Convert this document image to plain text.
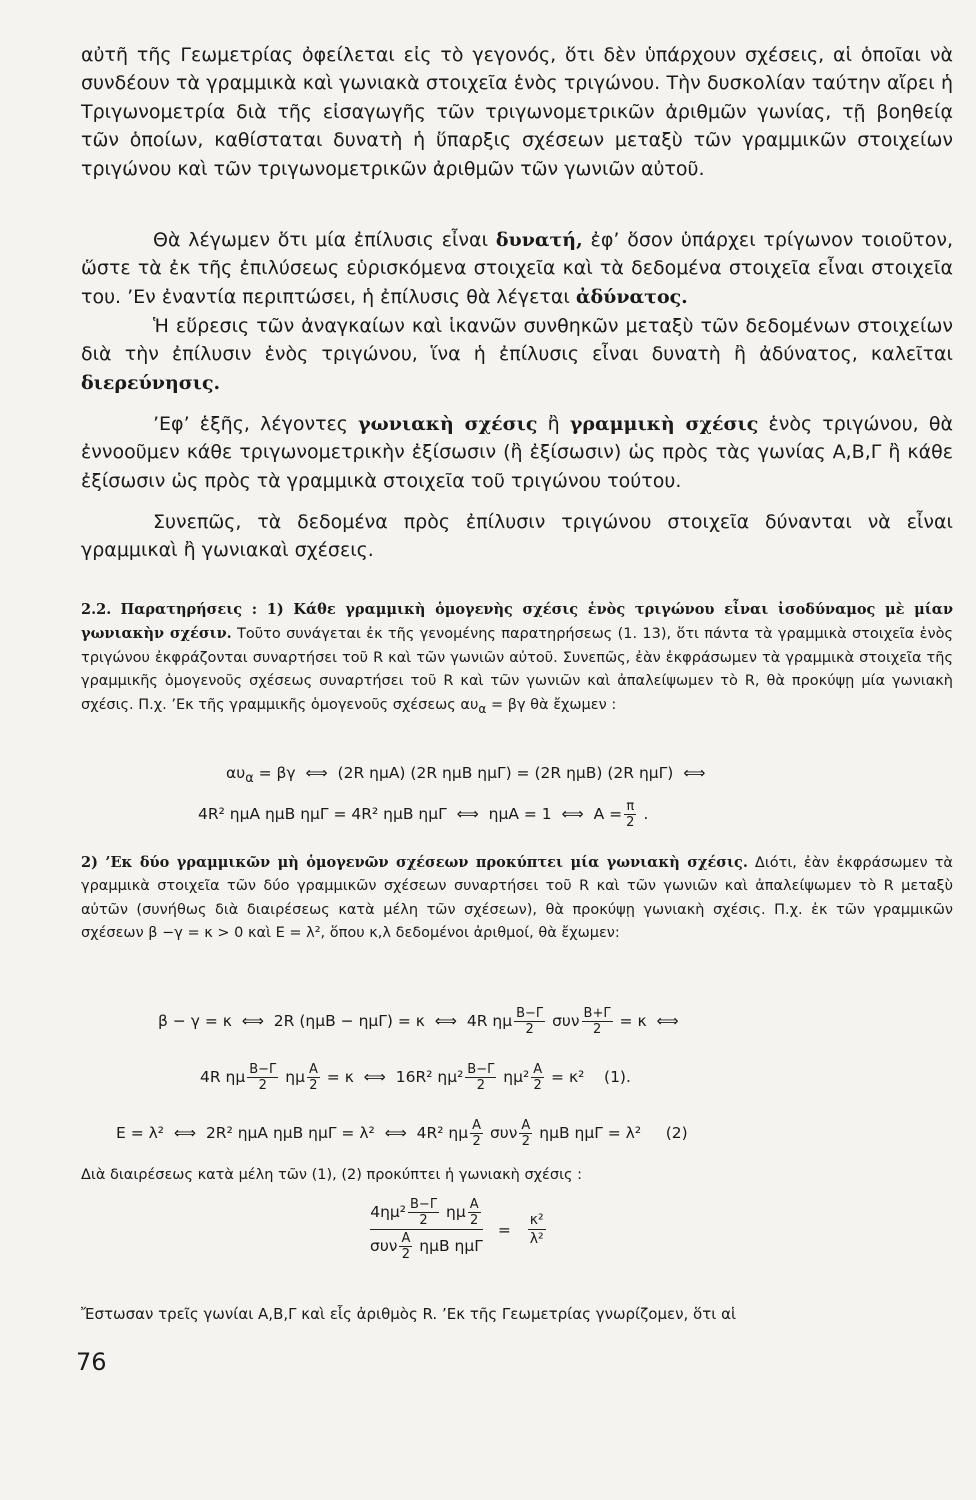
αὐτῆ τῆς Γεωμετρίας ὀφείλεται εἰς τὸ γεγονός, ὅτι δὲν ὑπάρχουν σχέσεις, αἱ ὁποῖαι νὰ συνδέουν τὰ γραμμικὰ καὶ γωνιακὰ στοιχεῖα ἑνὸς τριγώνου. Τὴν δυσκολίαν ταύτην αἴρει ἡ Τριγωνομετρία διὰ τῆς εἰσαγωγῆς τῶν τριγωνομετρικῶν ἀριθμῶν γωνίας, τῇ βοηθείᾳ τῶν ὁποίων, καθίσταται δυνατὴ ἡ ὕπαρξις σχέσεων μεταξὺ τῶν γραμμικῶν στοιχείων τριγώνου καὶ τῶν τριγωνομετρικῶν ἀριθμῶν τῶν γωνιῶν αὐτοῦ.

Θὰ λέγωμεν ὅτι μία ἐπίλυσις εἶναι δυνατή, ἐφ’ ὅσον ὑπάρχει τρίγωνον τοιοῦτον, ὥστε τὰ ἐκ τῆς ἐπιλύσεως εὑρισκόμενα στοιχεῖα καὶ τὰ δεδομένα στοιχεῖα εἶναι στοιχεῖα του. ’Εν ἐναντία περιπτώσει, ἡ ἐπίλυσις θὰ λέγεται ἀδύνατος.

Ἡ εὕρεσις τῶν ἀναγκαίων καὶ ἱκανῶν συνθηκῶν μεταξὺ τῶν δεδομένων στοιχείων διὰ τὴν ἐπίλυσιν ἑνὸς τριγώνου, ἵνα ἡ ἐπίλυσις εἶναι δυνατὴ ἢ ἀδύνατος, καλεῖται διερεύνησις.

’Εφ’ ἑξῆς, λέγοντες γωνιακὴ σχέσις ἢ γραμμικὴ σχέσις ἑνὸς τριγώνου, θὰ ἐννοοῦμεν κάθε τριγωνομετρικὴν ἐξίσωσιν (ἢ ἐξίσωσιν) ὡς πρὸς τὰς γωνίας Α,Β,Γ ἢ κάθε ἐξίσωσιν ὡς πρὸς τὰ γραμμικὰ στοιχεῖα τοῦ τριγώνου τούτου.

Συνεπῶς, τὰ δεδομένα πρὸς ἐπίλυσιν τριγώνου στοιχεῖα δύνανται νὰ εἶναι γραμμικαὶ ἢ γωνιακαὶ σχέσεις.

2.2. Παρατηρήσεις : 1) Κάθε γραμμικὴ ὁμογενὴς σχέσις ἑνὸς τριγώνου εἶναι ἰσοδύναμος μὲ μίαν γωνιακὴν σχέσιν. Τοῦτο συνάγεται ἐκ τῆς γενομένης παρατηρήσεως (1. 13), ὅτι πάντα τὰ γραμμικὰ στοιχεῖα ἑνὸς τριγώνου ἐκφράζονται συναρτήσει τοῦ R καὶ τῶν γωνιῶν αὐτοῦ. Συνεπῶς, ἐὰν ἐκφράσωμεν τὰ γραμμικὰ στοιχεῖα τῆς γραμμικῆς ὁμογενοῦς σχέσεως συναρτήσει τοῦ R καὶ τῶν γωνιῶν καὶ ἀπαλείψωμεν τὸ R, θὰ προκύψῃ μία γωνιακὴ σχέσις. Π.χ. ’Εκ τῆς γραμμικῆς ὁμογενοῦς σχέσεως $\alpha\upsilon_\alpha = \beta\gamma$ θὰ ἔχωμεν :

$\alpha\upsilon_\alpha = \beta\gamma$  ⟺  (2R ημΑ) (2R ημΒ ημΓ) = (2R ημΒ) (2R ημΓ)  ⟺
4R² ημΑ ημΒ ημΓ = 4R² ημΒ ημΓ  ⟺  ημΑ = 1  ⟺  $A = \frac{\pi}{2}$ .

2) ’Εκ δύο γραμμικῶν μὴ ὁμογενῶν σχέσεων προκύπτει μία γωνιακὴ σχέσις. Διότι, ἐὰν ἐκφράσωμεν τὰ γραμμικὰ στοιχεῖα τῶν δύο γραμμικῶν σχέσεων συναρτήσει τοῦ R καὶ τῶν γωνιῶν καὶ ἀπαλείψωμεν τὸ R μεταξὺ αὐτῶν (συνήθως διὰ διαιρέσεως κατὰ μέλη τῶν σχέσεων), θὰ προκύψῃ γωνιακὴ σχέσις. Π.χ. ἐκ τῶν γραμμικῶν σχέσεων β −γ = κ > 0 καὶ Ε = λ², ὅπου κ,λ δεδομένοι ἀριθμοί, θὰ ἔχωμεν:

β − γ = κ  ⟺  2R (ημΒ − ημΓ) = κ  ⟺  4R ημ $\frac{B-\Gamma}{2}$ συν $\frac{B+\Gamma}{2} = \kappa$  ⟺
4R ημ $\frac{B-\Gamma}{2}$ ημ $\frac{A}{2} = \kappa$  ⟺  16R² $\eta\mu^2 \frac{B-\Gamma}{2} \eta\mu^2 \frac{A}{2} = \kappa^2$    (1).
Ε = λ²  ⟺  2R² ημΑ ημΒ ημΓ = λ²  ⟺  4R² ημ $\frac{A}{2}$ συν $\frac{A}{2}$ ημΒ ημΓ = λ²     (2)

Διὰ διαιρέσεως κατὰ μέλη τῶν (1), (2) προκύπτει ἡ γωνιακὴ σχέσις :

$4\eta\mu^2 \frac{B-\Gamma}{2}$ ημ $\frac{A}{2}$
συν $\frac{A}{2}$ ημΒ ημΓ
= $\frac{\text{κ²}}{\text{λ²}}$

Ἔστωσαν τρεῖς γωνίαι Α,Β,Γ καὶ εἷς ἀριθμὸς R. ’Εκ τῆς Γεωμετρίας γνωρίζομεν, ὅτι αἱ

76
